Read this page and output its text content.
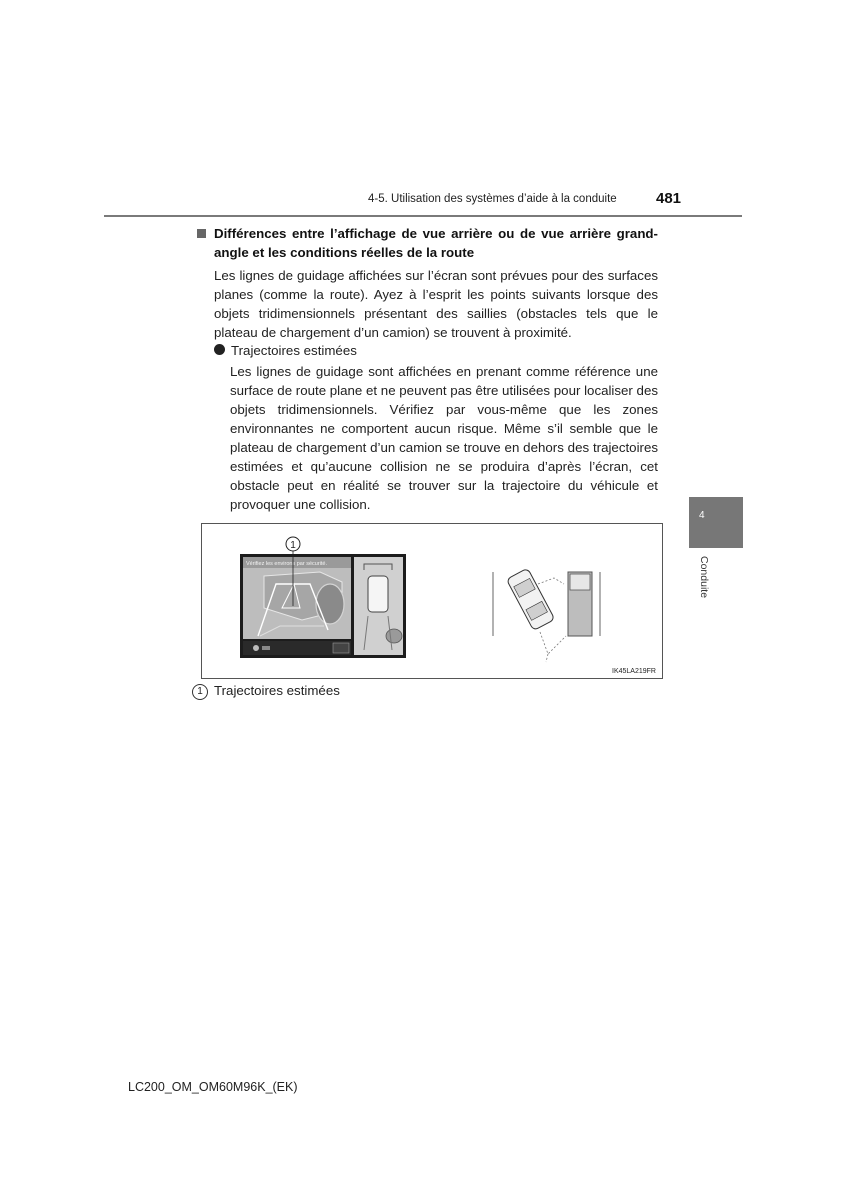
4-5. Utilisation des systèmes d’aide à la conduite	481
4
Conduite
Différences entre l’affichage de vue arrière ou de vue arrière grand-angle et les conditions réelles de la route
Les lignes de guidage affichées sur l’écran sont prévues pour des surfaces planes (comme la route). Ayez à l’esprit les points suivants lorsque des objets tridimensionnels présentant des saillies (obstacles tels que le plateau de chargement d’un camion) se trouvent à proximité.
Trajectoires estimées
Les lignes de guidage sont affichées en prenant comme référence une surface de route plane et ne peuvent pas être utilisées pour localiser des objets tridimensionnels. Vérifiez par vous-même que les zones environnantes ne comportent aucun risque. Même s’il semble que le plateau de chargement d’un camion se trouve en dehors des trajectoires estimées et qu’aucune collision ne se produira d’après l’écran, cet obstacle peut en réalité se trouver sur la trajectoire du véhicule et provoquer une collision.
Vérifiez les environs par sécurité.
1
IK45LA219FR
1 Trajectoires estimées
LC200_OM_OM60M96K_(EK)
